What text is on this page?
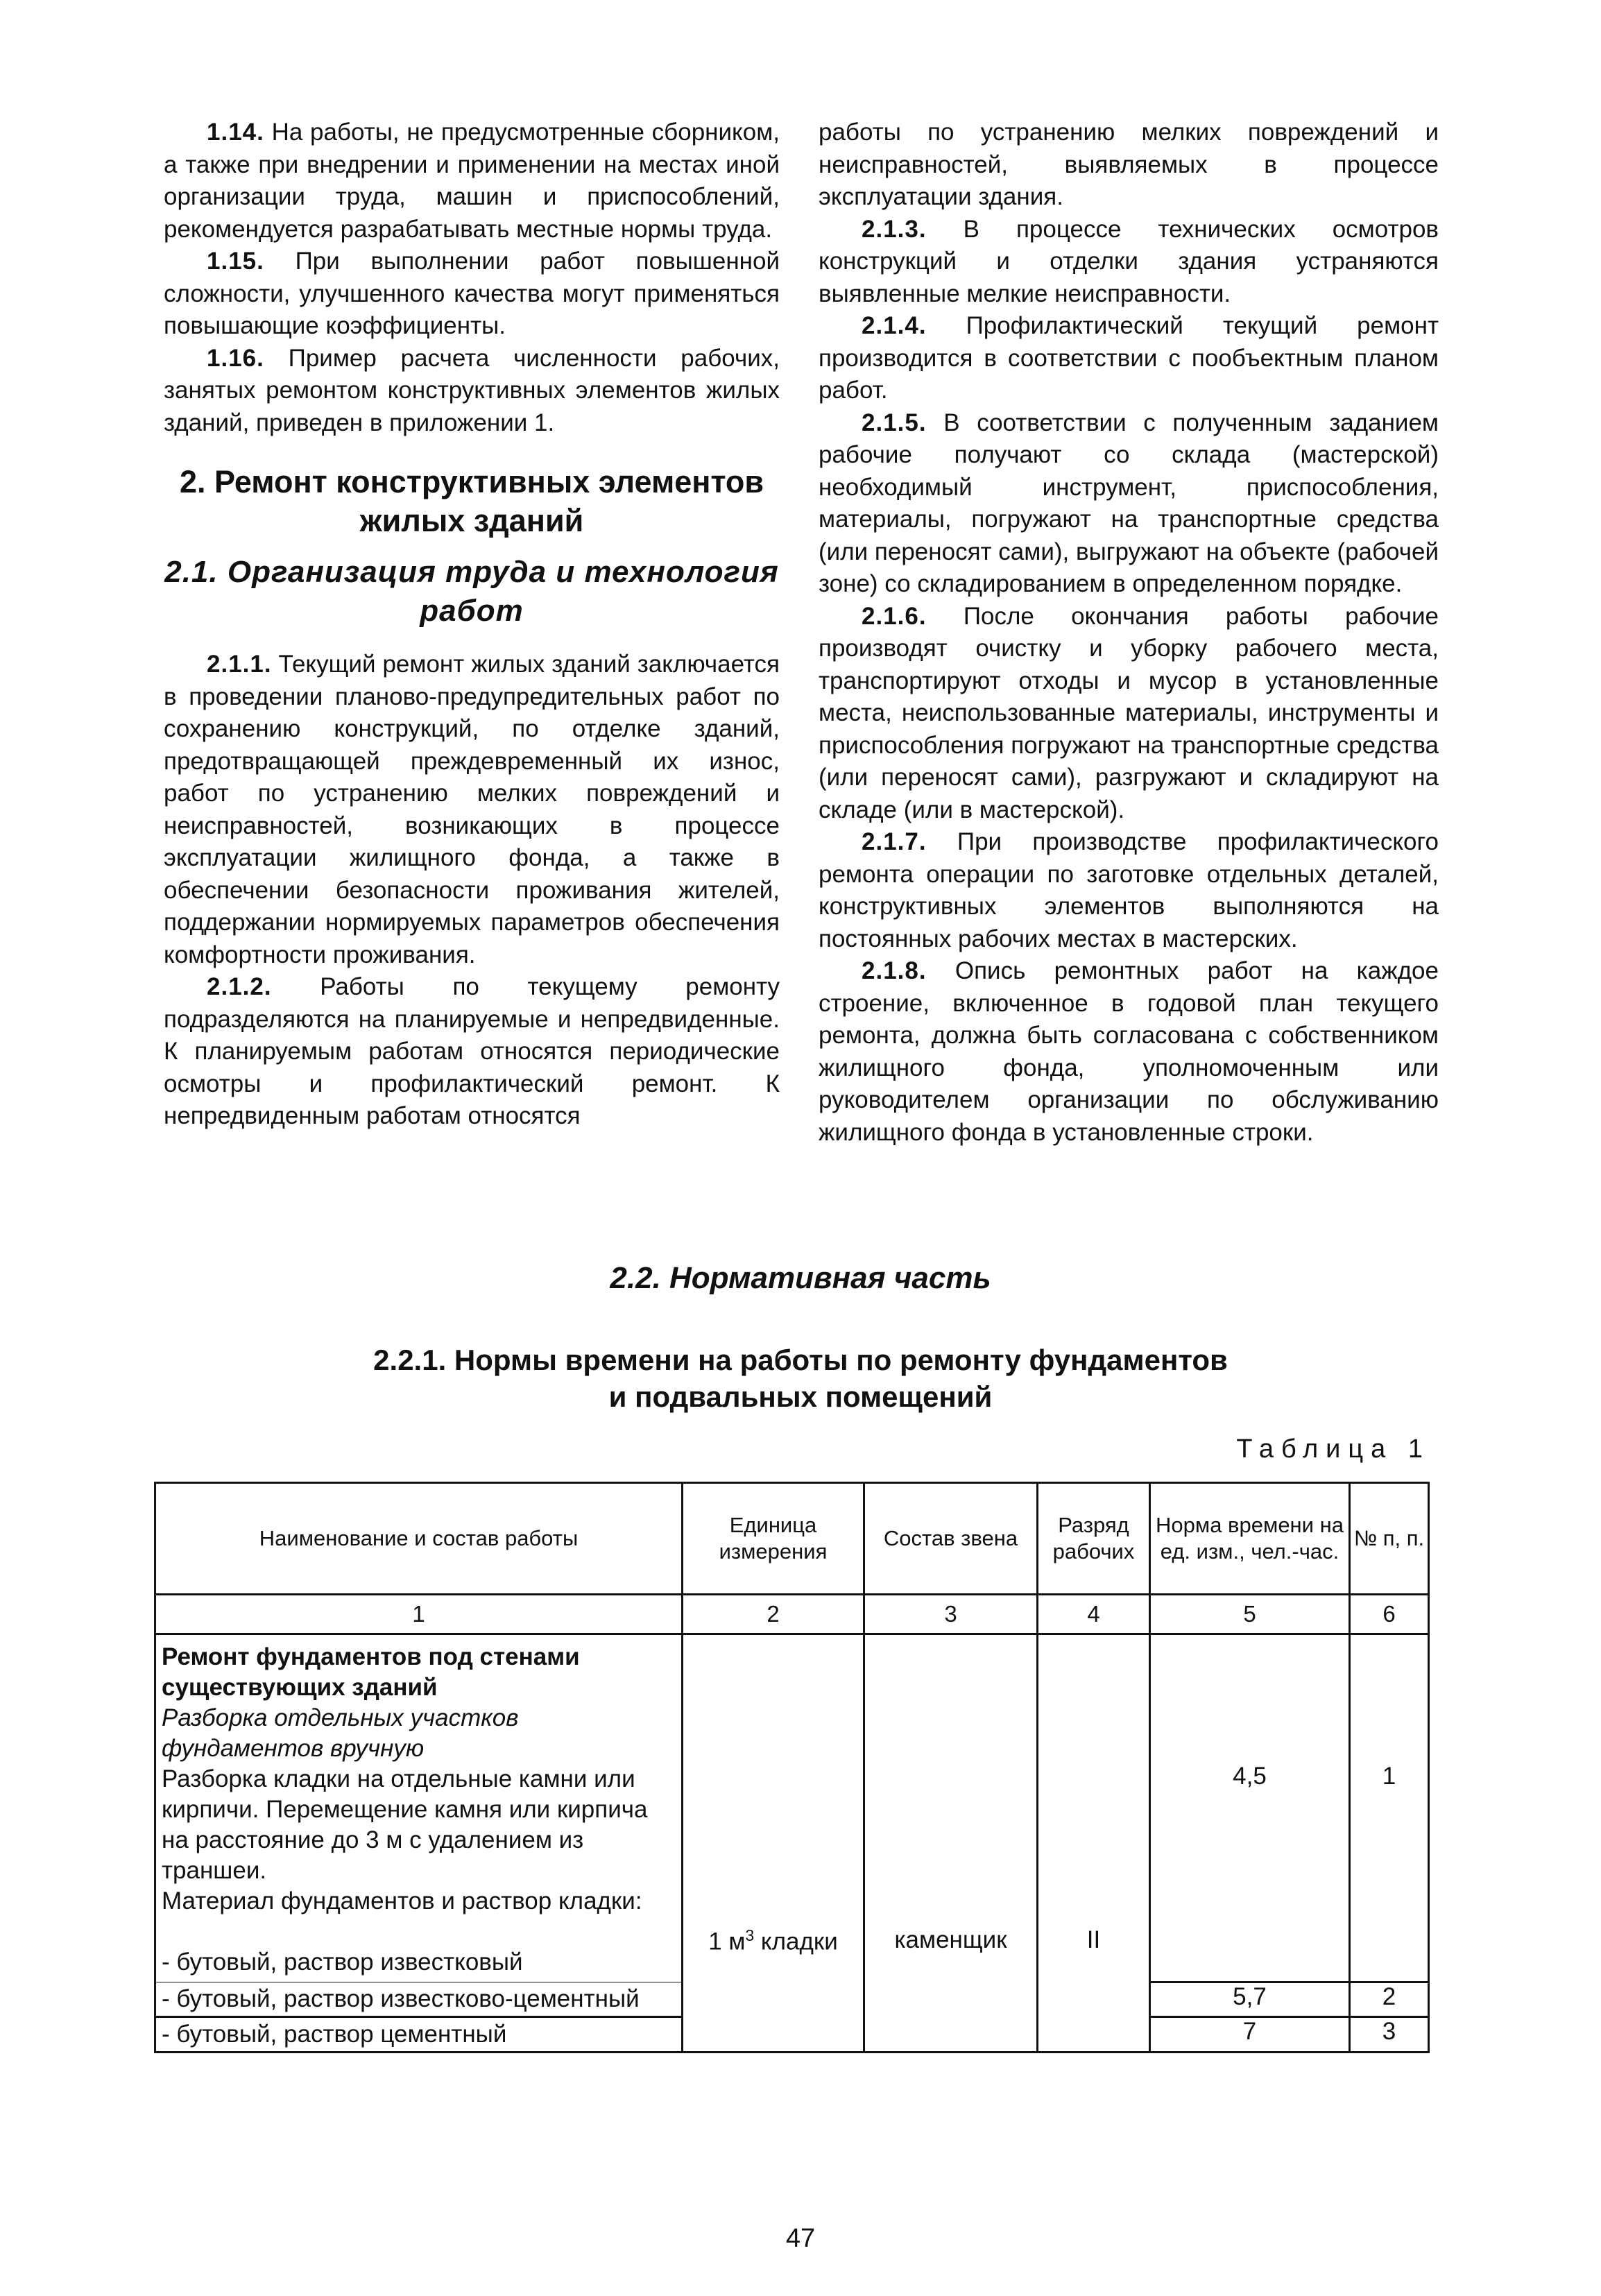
1.14. На работы, не предусмотренные сборником, а также при внедрении и применении на местах иной организации труда, машин и приспособлений, рекомендуется разрабатывать местные нормы труда.

1.15. При выполнении работ повышенной сложности, улучшенного качества могут применяться повышающие коэффициенты.

1.16. Пример расчета численности рабочих, занятых ремонтом конструктивных элементов жилых зданий, приведен в приложении 1.

2. Ремонт конструктивных элементов жилых зданий
2.1. Организация труда и технология работ

2.1.1. Текущий ремонт жилых зданий заключается в проведении планово-предупредительных работ по сохранению конструкций, по отделке зданий, предотвращающей преждевременный их износ, работ по устранению мелких повреждений и неисправностей, возникающих в процессе эксплуатации жилищного фонда, а также в обеспечении безопасности проживания жителей, поддержании нормируемых параметров обеспечения комфортности проживания.

2.1.2. Работы по текущему ремонту подразделяются на планируемые и непредвиденные. К планируемым работам относятся периодические осмотры и профилактический ремонт. К непредвиденным работам относятся

работы по устранению мелких повреждений и неисправностей, выявляемых в процессе эксплуатации здания.

2.1.3. В процессе технических осмотров конструкций и отделки здания устраняются выявленные мелкие неисправности.

2.1.4. Профилактический текущий ремонт производится в соответствии с пообъектным планом работ.

2.1.5. В соответствии с полученным заданием рабочие получают со склада (мастерской) необходимый инструмент, приспособления, материалы, погружают на транспортные средства (или переносят сами), выгружают на объекте (рабочей зоне) со складированием в определенном порядке.

2.1.6. После окончания работы рабочие производят очистку и уборку рабочего места, транспортируют отходы и мусор в установленные места, неиспользованные материалы, инструменты и приспособления погружают на транспортные средства (или переносят сами), разгружают и складируют на складе (или в мастерской).

2.1.7. При производстве профилактического ремонта операции по заготовке отдельных деталей, конструктивных элементов выполняются на постоянных рабочих местах в мастерских.

2.1.8. Опись ремонтных работ на каждое строение, включенное в годовой план текущего ремонта, должна быть согласована с собственником жилищного фонда, уполномоченным или руководителем организации по обслуживанию жилищного фонда в установленные строки.

2.2. Нормативная часть
2.2.1. Нормы времени на работы по ремонту фундаментов
и подвальных помещений
Таблица 1
Наименование и состав работы	Единица измерения	Состав звена	Разряд рабочих	Норма времени на ед. изм., чел.-час.	№ п, п.
1	2	3	4	5	6

Ремонт фундаментов под стенами существующих зданий
Разборка отдельных участков фундаментов вручную
Разборка кладки на отдельные камни или кирпичи. Перемещение камня или кирпича на расстояние до 3 м с удалением из траншеи.
Материал фундаментов и раствор кладки:
- бутовый, раствор известковый	1 $м^3$ кладки	каменщик	II	4,5	1
- бутовый, раствор известково-цементный				5,7	2
- бутовый, раствор цементный				7	3
47
